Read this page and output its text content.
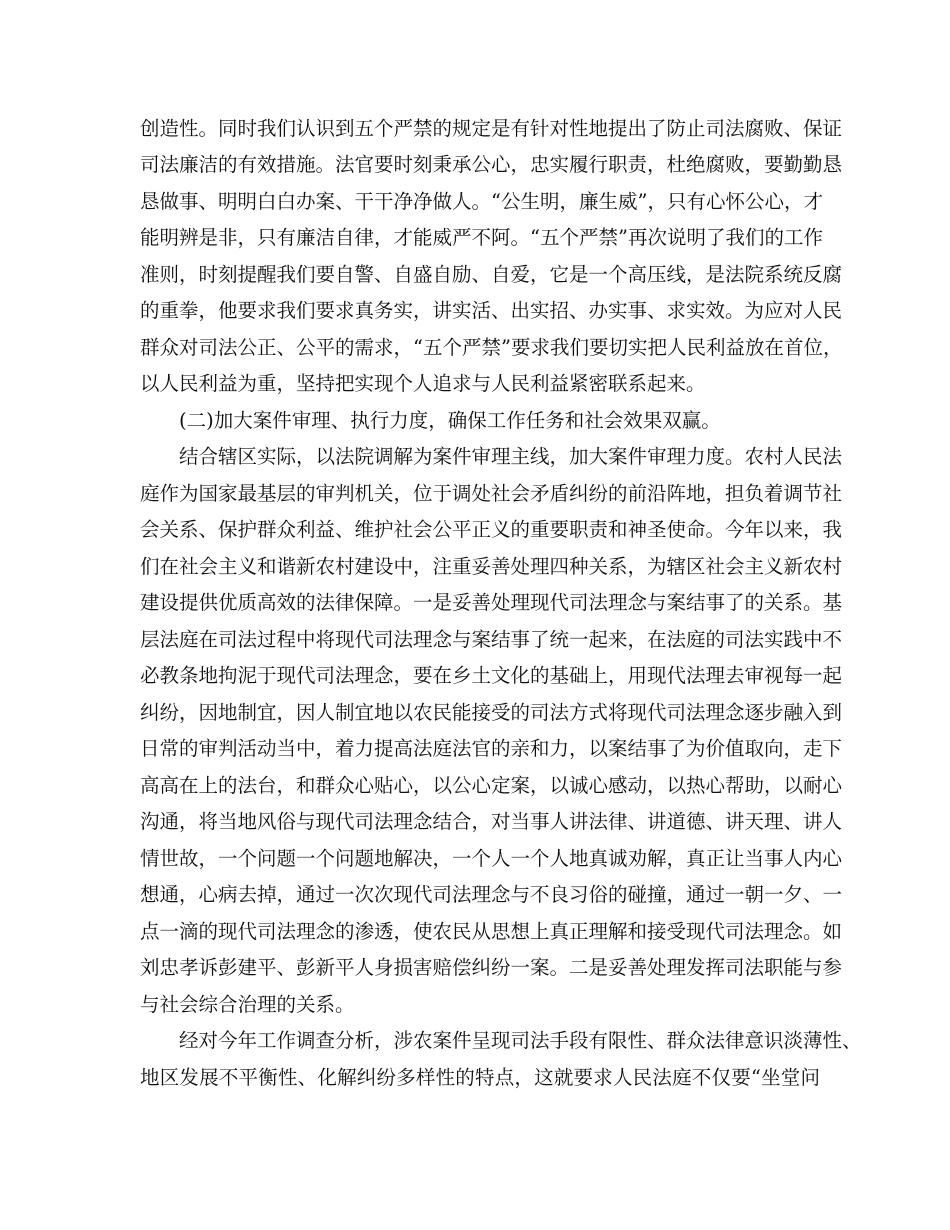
创造性。同时我们认识到五个严禁的规定是有针对性地提出了防止司法腐败、保证
司法廉洁的有效措施。法官要时刻秉承公心，忠实履行职责，杜绝腐败，要勤勤恳
恳做事、明明白白办案、干干净净做人。“公生明，廉生威”，只有心怀公心，才
能明辨是非，只有廉洁自律，才能威严不阿。“五个严禁”再次说明了我们的工作
准则，时刻提醒我们要自警、自盛自励、自爱，它是一个高压线，是法院系统反腐
的重拳，他要求我们要求真务实，讲实活、出实招、办实事、求实效。为应对人民
群众对司法公正、公平的需求，“五个严禁”要求我们要切实把人民利益放在首位，
以人民利益为重，坚持把实现个人追求与人民利益紧密联系起来。
(二)加大案件审理、执行力度，确保工作任务和社会效果双赢。
结合辖区实际，以法院调解为案件审理主线，加大案件审理力度。农村人民法
庭作为国家最基层的审判机关，位于调处社会矛盾纠纷的前沿阵地，担负着调节社
会关系、保护群众利益、维护社会公平正义的重要职责和神圣使命。今年以来，我
们在社会主义和谐新农村建设中，注重妥善处理四种关系，为辖区社会主义新农村
建设提供优质高效的法律保障。一是妥善处理现代司法理念与案结事了的关系。基
层法庭在司法过程中将现代司法理念与案结事了统一起来，在法庭的司法实践中不
必教条地拘泥于现代司法理念，要在乡土文化的基础上，用现代法理去审视每一起
纠纷，因地制宜，因人制宜地以农民能接受的司法方式将现代司法理念逐步融入到
日常的审判活动当中，着力提高法庭法官的亲和力，以案结事了为价值取向，走下
高高在上的法台，和群众心贴心，以公心定案，以诚心感动，以热心帮助，以耐心
沟通，将当地风俗与现代司法理念结合，对当事人讲法律、讲道德、讲天理、讲人
情世故，一个问题一个问题地解决，一个人一个人地真诚劝解，真正让当事人内心
想通，心病去掉，通过一次次现代司法理念与不良习俗的碰撞，通过一朝一夕、一
点一滴的现代司法理念的渗透，使农民从思想上真正理解和接受现代司法理念。如
刘忠孝诉彭建平、彭新平人身损害赔偿纠纷一案。二是妥善处理发挥司法职能与参
与社会综合治理的关系。
经对今年工作调查分析，涉农案件呈现司法手段有限性、群众法律意识淡薄性、
地区发展不平衡性、化解纠纷多样性的特点，这就要求人民法庭不仅要“坐堂问
